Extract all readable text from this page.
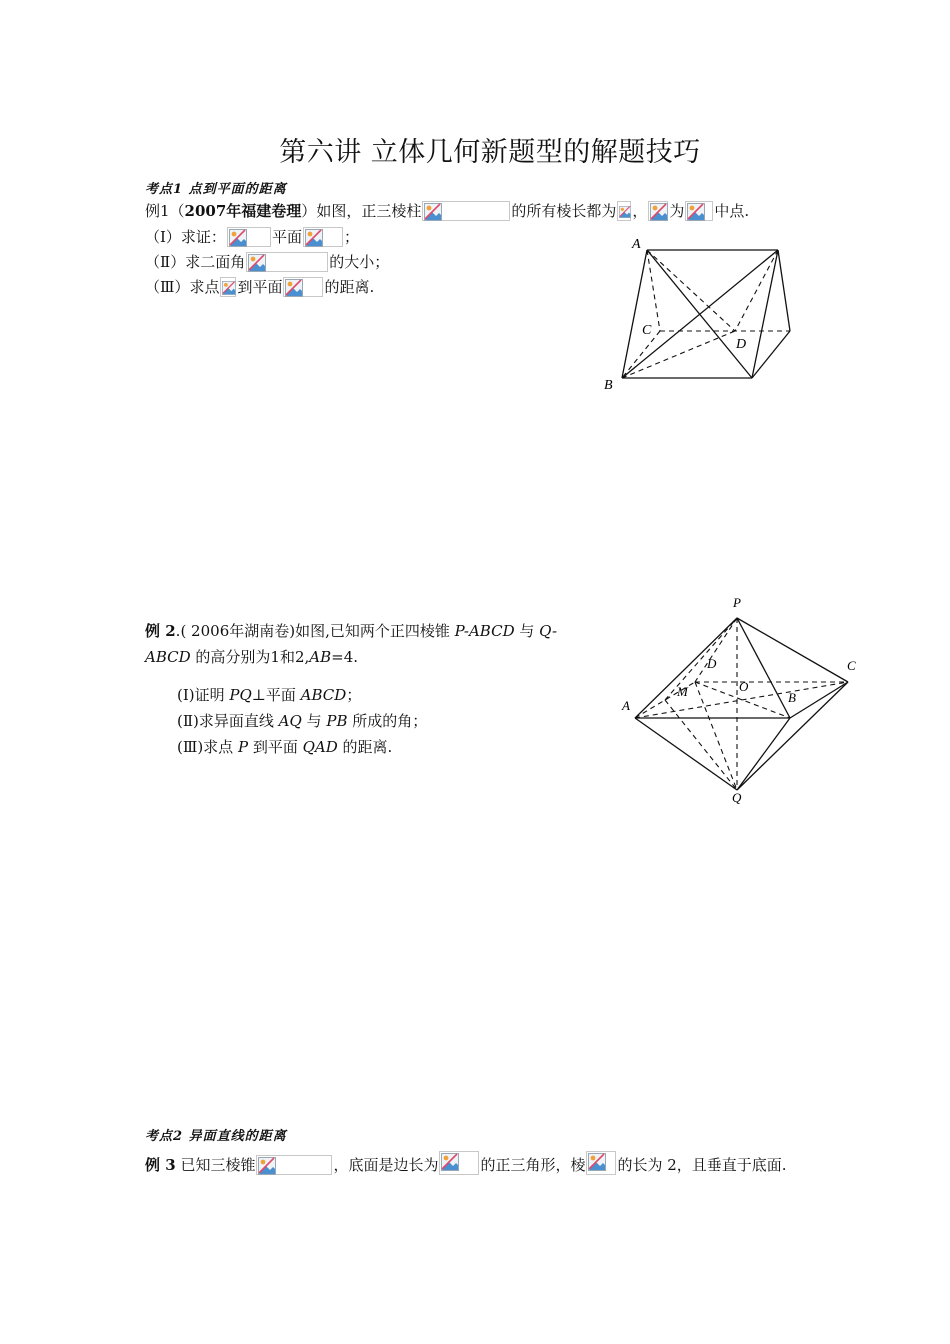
第六讲 立体几何新题型的解题技巧
考点1 点到平面的距离
例1（2007年福建卷理）如图，正三棱柱	的所有棱长都为 ， 为 中点.
（Ⅰ）求证：	平面	；
（Ⅱ）求二面角	的大小；
（Ⅲ）求点 到平面	的距离.
A
C
D
B
例 2.( 2006年湖南卷)如图,已知两个正四棱锥 P-ABCD 与 Q-
ABCD 的高分别为1和2,AB=4.
(Ⅰ)证明 PQ⊥平面 ABCD；
(Ⅱ)求异面直线 AQ 与 PB 所成的角；
(Ⅲ)求点 P 到平面 QAD 的距离.
P
C
D
O
M	B
A
Q
考点2 异面直线的距离
例 3 已知三棱锥	，底面是边长为	的正三角形，棱 的长为 2，且垂直于底面.
